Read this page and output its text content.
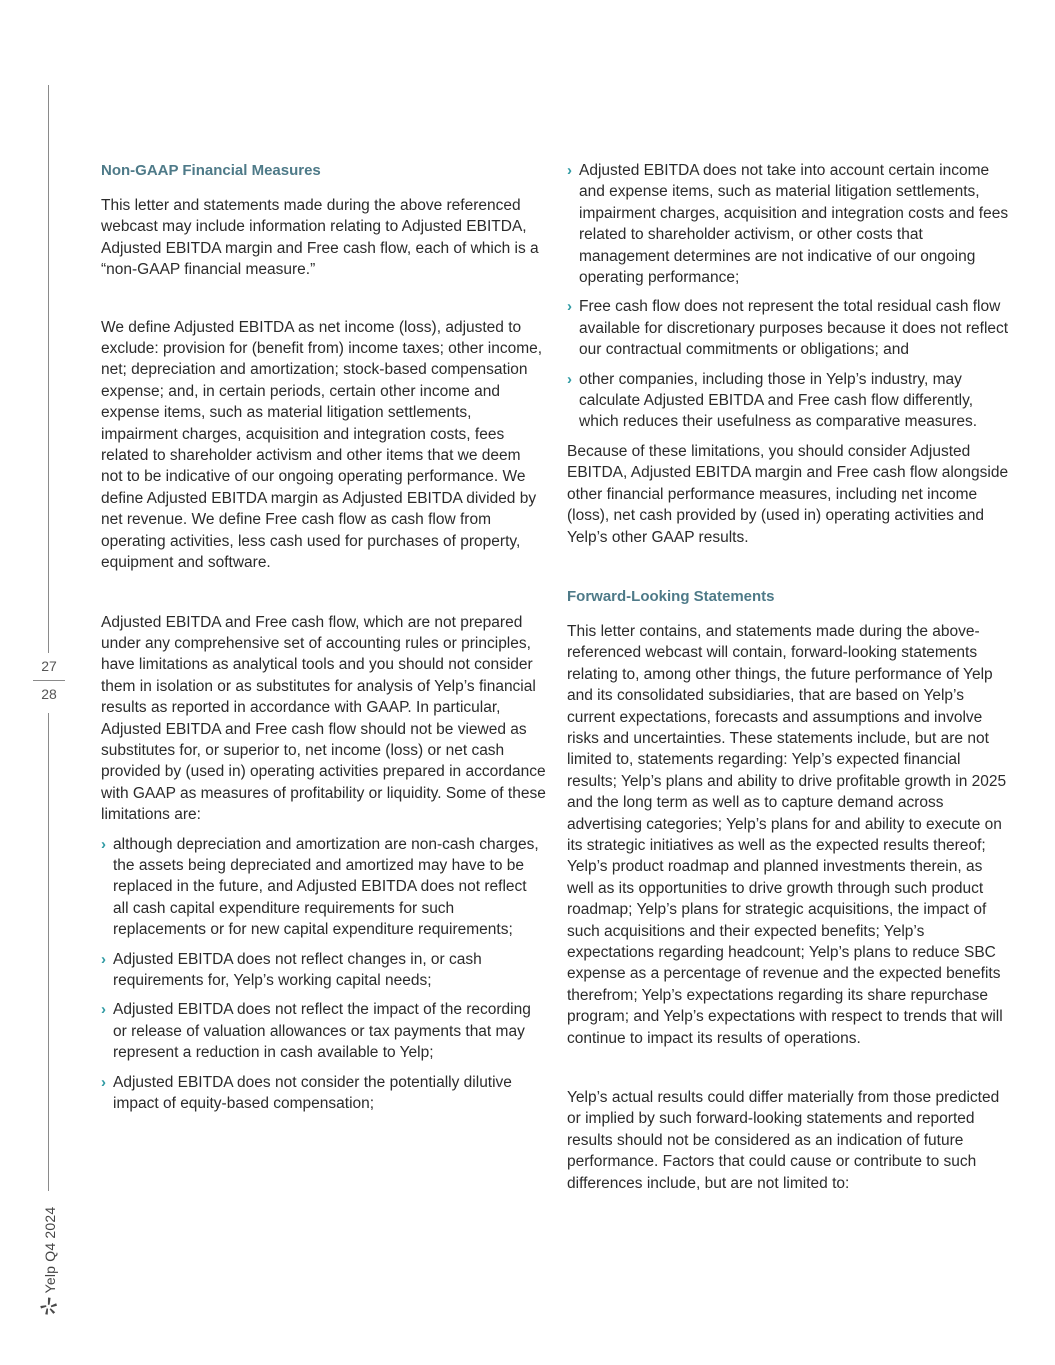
27
28
Yelp Q4 2024
Non-GAAP Financial Measures

This letter and statements made during the above referenced webcast may include information relating to Adjusted EBITDA, Adjusted EBITDA margin and Free cash flow, each of which is a “non-GAAP financial measure.”

We define Adjusted EBITDA as net income (loss), adjusted to exclude: provision for (benefit from) income taxes; other income, net; depreciation and amortization; stock-based compensation expense; and, in certain periods, certain other income and expense items, such as material litigation settlements, impairment charges, acquisition and integration costs, fees related to shareholder activism and other items that we deem not to be indicative of our ongoing operating performance. We define Adjusted EBITDA margin as Adjusted EBITDA divided by net revenue. We define Free cash flow as cash flow from operating activities, less cash used for purchases of property, equipment and software.

Adjusted EBITDA and Free cash flow, which are not prepared under any comprehensive set of accounting rules or principles, have limitations as analytical tools and you should not consider them in isolation or as substitutes for analysis of Yelp’s financial results as reported in accordance with GAAP. In particular, Adjusted EBITDA and Free cash flow should not be viewed as substitutes for, or superior to, net income (loss) or net cash provided by (used in) operating activities prepared in accordance with GAAP as measures of profitability or liquidity. Some of these limitations are:

› although depreciation and amortization are non-cash charges, the assets being depreciated and amortized may have to be replaced in the future, and Adjusted EBITDA does not reflect all cash capital expenditure requirements for such replacements or for new capital expenditure requirements;
› Adjusted EBITDA does not reflect changes in, or cash requirements for, Yelp’s working capital needs;
› Adjusted EBITDA does not reflect the impact of the recording or release of valuation allowances or tax payments that may represent a reduction in cash available to Yelp;
› Adjusted EBITDA does not consider the potentially dilutive impact of equity-based compensation;
› Adjusted EBITDA does not take into account certain income and expense items, such as material litigation settlements, impairment charges, acquisition and integration costs and fees related to shareholder activism, or other costs that management determines are not indicative of our ongoing operating performance;
› Free cash flow does not represent the total residual cash flow available for discretionary purposes because it does not reflect our contractual commitments or obligations; and
› other companies, including those in Yelp’s industry, may calculate Adjusted EBITDA and Free cash flow differently, which reduces their usefulness as comparative measures.

Because of these limitations, you should consider Adjusted EBITDA, Adjusted EBITDA margin and Free cash flow alongside other financial performance measures, including net income (loss), net cash provided by (used in) operating activities and Yelp’s other GAAP results.

Forward-Looking Statements

This letter contains, and statements made during the above-referenced webcast will contain, forward-looking statements relating to, among other things, the future performance of Yelp and its consolidated subsidiaries, that are based on Yelp’s current expectations, forecasts and assumptions and involve risks and uncertainties. These statements include, but are not limited to, statements regarding: Yelp’s expected financial results; Yelp’s plans and ability to drive profitable growth in 2025 and the long term as well as to capture demand across advertising categories; Yelp’s plans for and ability to execute on its strategic initiatives as well as the expected results thereof; Yelp’s product roadmap and planned investments therein, as well as its opportunities to drive growth through such product roadmap; Yelp’s plans for strategic acquisitions, the impact of such acquisitions and their expected benefits; Yelp’s expectations regarding headcount; Yelp’s plans to reduce SBC expense as a percentage of revenue and the expected benefits therefrom; Yelp’s expectations regarding its share repurchase program; and Yelp’s expectations with respect to trends that will continue to impact its results of operations.

Yelp’s actual results could differ materially from those predicted or implied by such forward-looking statements and reported results should not be considered as an indication of future performance. Factors that could cause or contribute to such differences include, but are not limited to:
